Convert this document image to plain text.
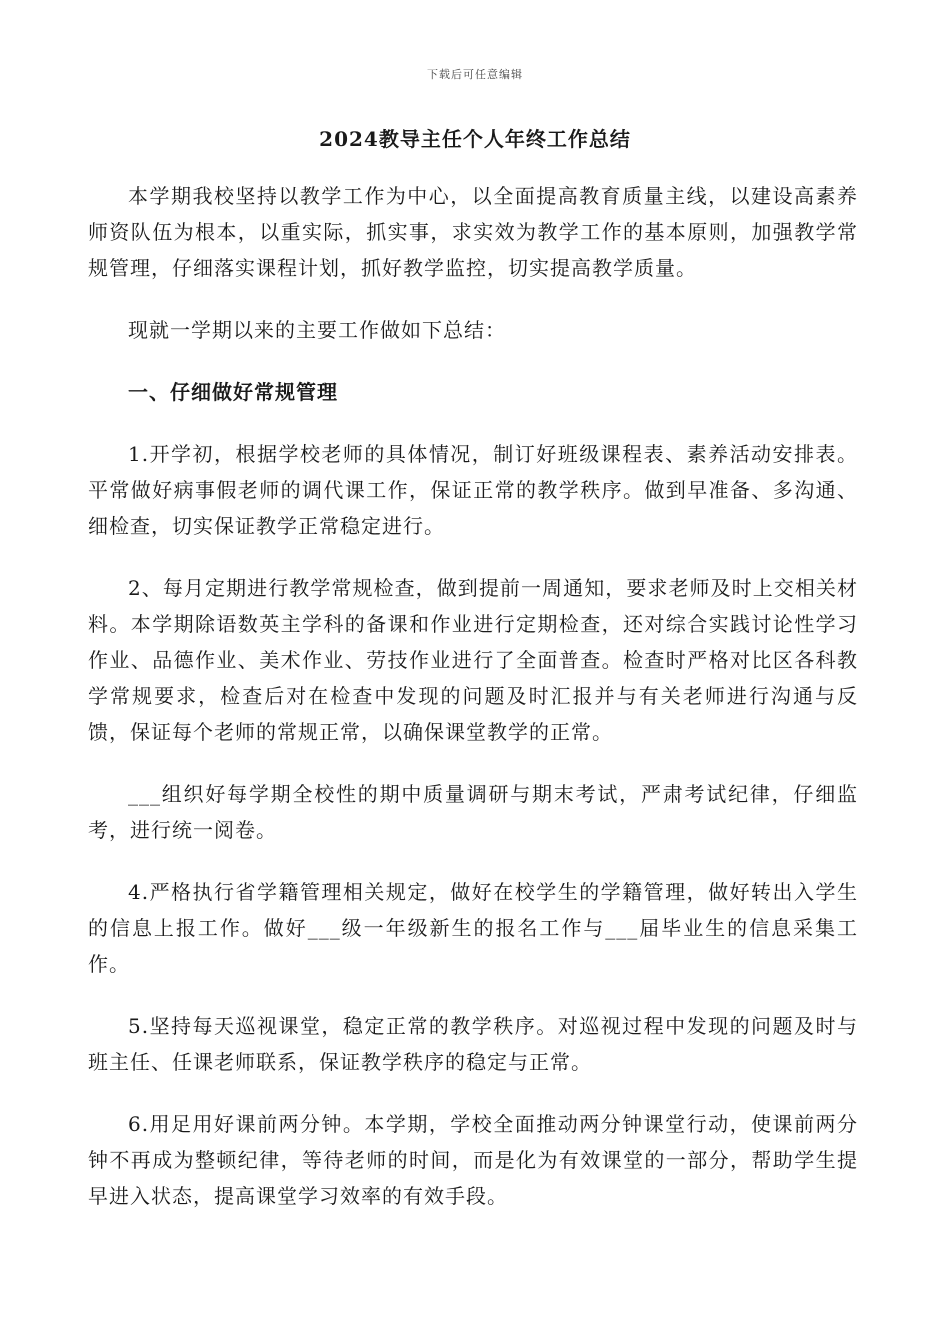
下载后可任意编辑
2024教导主任个人年终工作总结

本学期我校坚持以教学工作为中心，以全面提高教育质量主线，以建设高素养师资队伍为根本，以重实际，抓实事，求实效为教学工作的基本原则，加强教学常规管理，仔细落实课程计划，抓好教学监控，切实提高教学质量。

现就一学期以来的主要工作做如下总结：

一、仔细做好常规管理

1.开学初，根据学校老师的具体情况，制订好班级课程表、素养活动安排表。平常做好病事假老师的调代课工作，保证正常的教学秩序。做到早准备、多沟通、细检查，切实保证教学正常稳定进行。

2、每月定期进行教学常规检查，做到提前一周通知，要求老师及时上交相关材料。本学期除语数英主学科的备课和作业进行定期检查，还对综合实践讨论性学习作业、品德作业、美术作业、劳技作业进行了全面普查。检查时严格对比区各科教学常规要求，检查后对在检查中发现的问题及时汇报并与有关老师进行沟通与反馈，保证每个老师的常规正常，以确保课堂教学的正常。

___组织好每学期全校性的期中质量调研与期末考试，严肃考试纪律，仔细监考，进行统一阅卷。

4.严格执行省学籍管理相关规定，做好在校学生的学籍管理，做好转出入学生的信息上报工作。做好___级一年级新生的报名工作与___届毕业生的信息采集工作。

5.坚持每天巡视课堂，稳定正常的教学秩序。对巡视过程中发现的问题及时与班主任、任课老师联系，保证教学秩序的稳定与正常。

6.用足用好课前两分钟。本学期，学校全面推动两分钟课堂行动，使课前两分钟不再成为整顿纪律，等待老师的时间，而是化为有效课堂的一部分，帮助学生提早进入状态，提高课堂学习效率的有效手段。
